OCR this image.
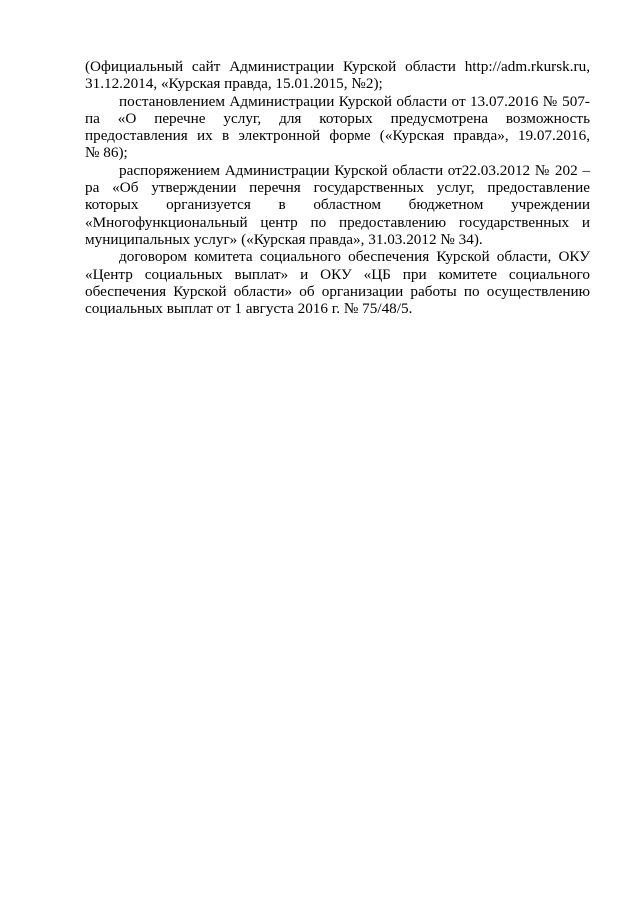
(Официальный сайт Администрации Курской области http://adm.rkursk.ru,
31.12.2014, «Курская правда, 15.01.2015, №2);
постановлением Администрации Курской области от 13.07.2016 № 507-
па «О перечне услуг, для которых предусмотрена возможность
предоставления их в электронной форме («Курская правда», 19.07.2016,
№ 86);
распоряжением Администрации Курской области от22.03.2012 № 202 –
ра «Об утверждении перечня государственных услуг, предоставление
которых организуется в областном бюджетном учреждении
«Многофункциональный центр по предоставлению государственных и
муниципальных услуг» («Курская правда», 31.03.2012 № 34).
договором комитета социального обеспечения Курской области, ОКУ
«Центр социальных выплат» и ОКУ «ЦБ при комитете социального
обеспечения Курской области» об организации работы по осуществлению
социальных выплат от 1 августа 2016 г. № 75/48/5.
